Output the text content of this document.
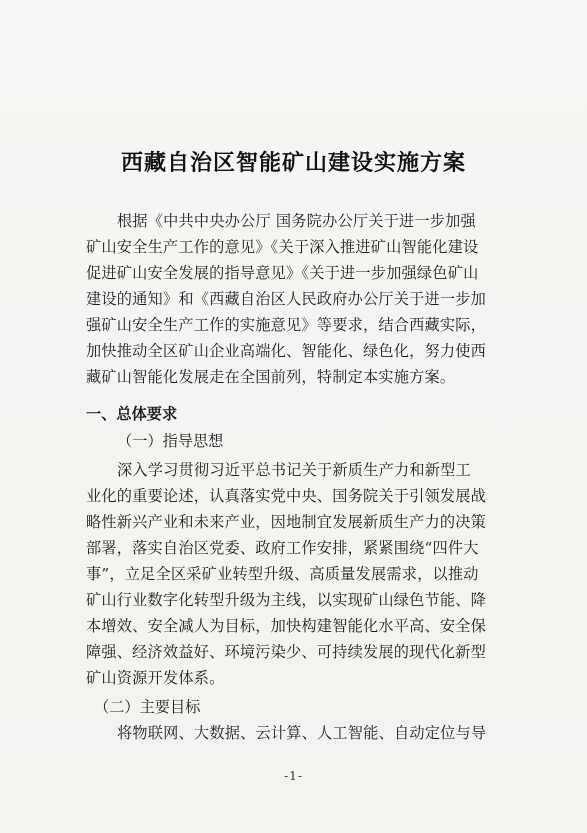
西藏自治区智能矿山建设实施方案
根据《中共中央办公厅 国务院办公厅关于进一步加强
矿山安全生产工作的意见》《关于深入推进矿山智能化建设
促进矿山安全发展的指导意见》《关于进一步加强绿色矿山
建设的通知》和《西藏自治区人民政府办公厅关于进一步加
强矿山安全生产工作的实施意见》等要求，结合西藏实际，
加快推动全区矿山企业高端化、智能化、绿色化，努力使西
藏矿山智能化发展走在全国前列，特制定本实施方案。
一、总体要求
（一）指导思想
深入学习贯彻习近平总书记关于新质生产力和新型工
业化的重要论述，认真落实党中央、国务院关于引领发展战
略性新兴产业和未来产业，因地制宜发展新质生产力的决策
部署，落实自治区党委、政府工作安排，紧紧围绕“四件大
事”，立足全区采矿业转型升级、高质量发展需求，以推动
矿山行业数字化转型升级为主线，以实现矿山绿色节能、降
本增效、安全减人为目标，加快构建智能化水平高、安全保
障强、经济效益好、环境污染少、可持续发展的现代化新型
矿山资源开发体系。
（二）主要目标
将物联网、大数据、云计算、人工智能、自动定位与导
-1-
